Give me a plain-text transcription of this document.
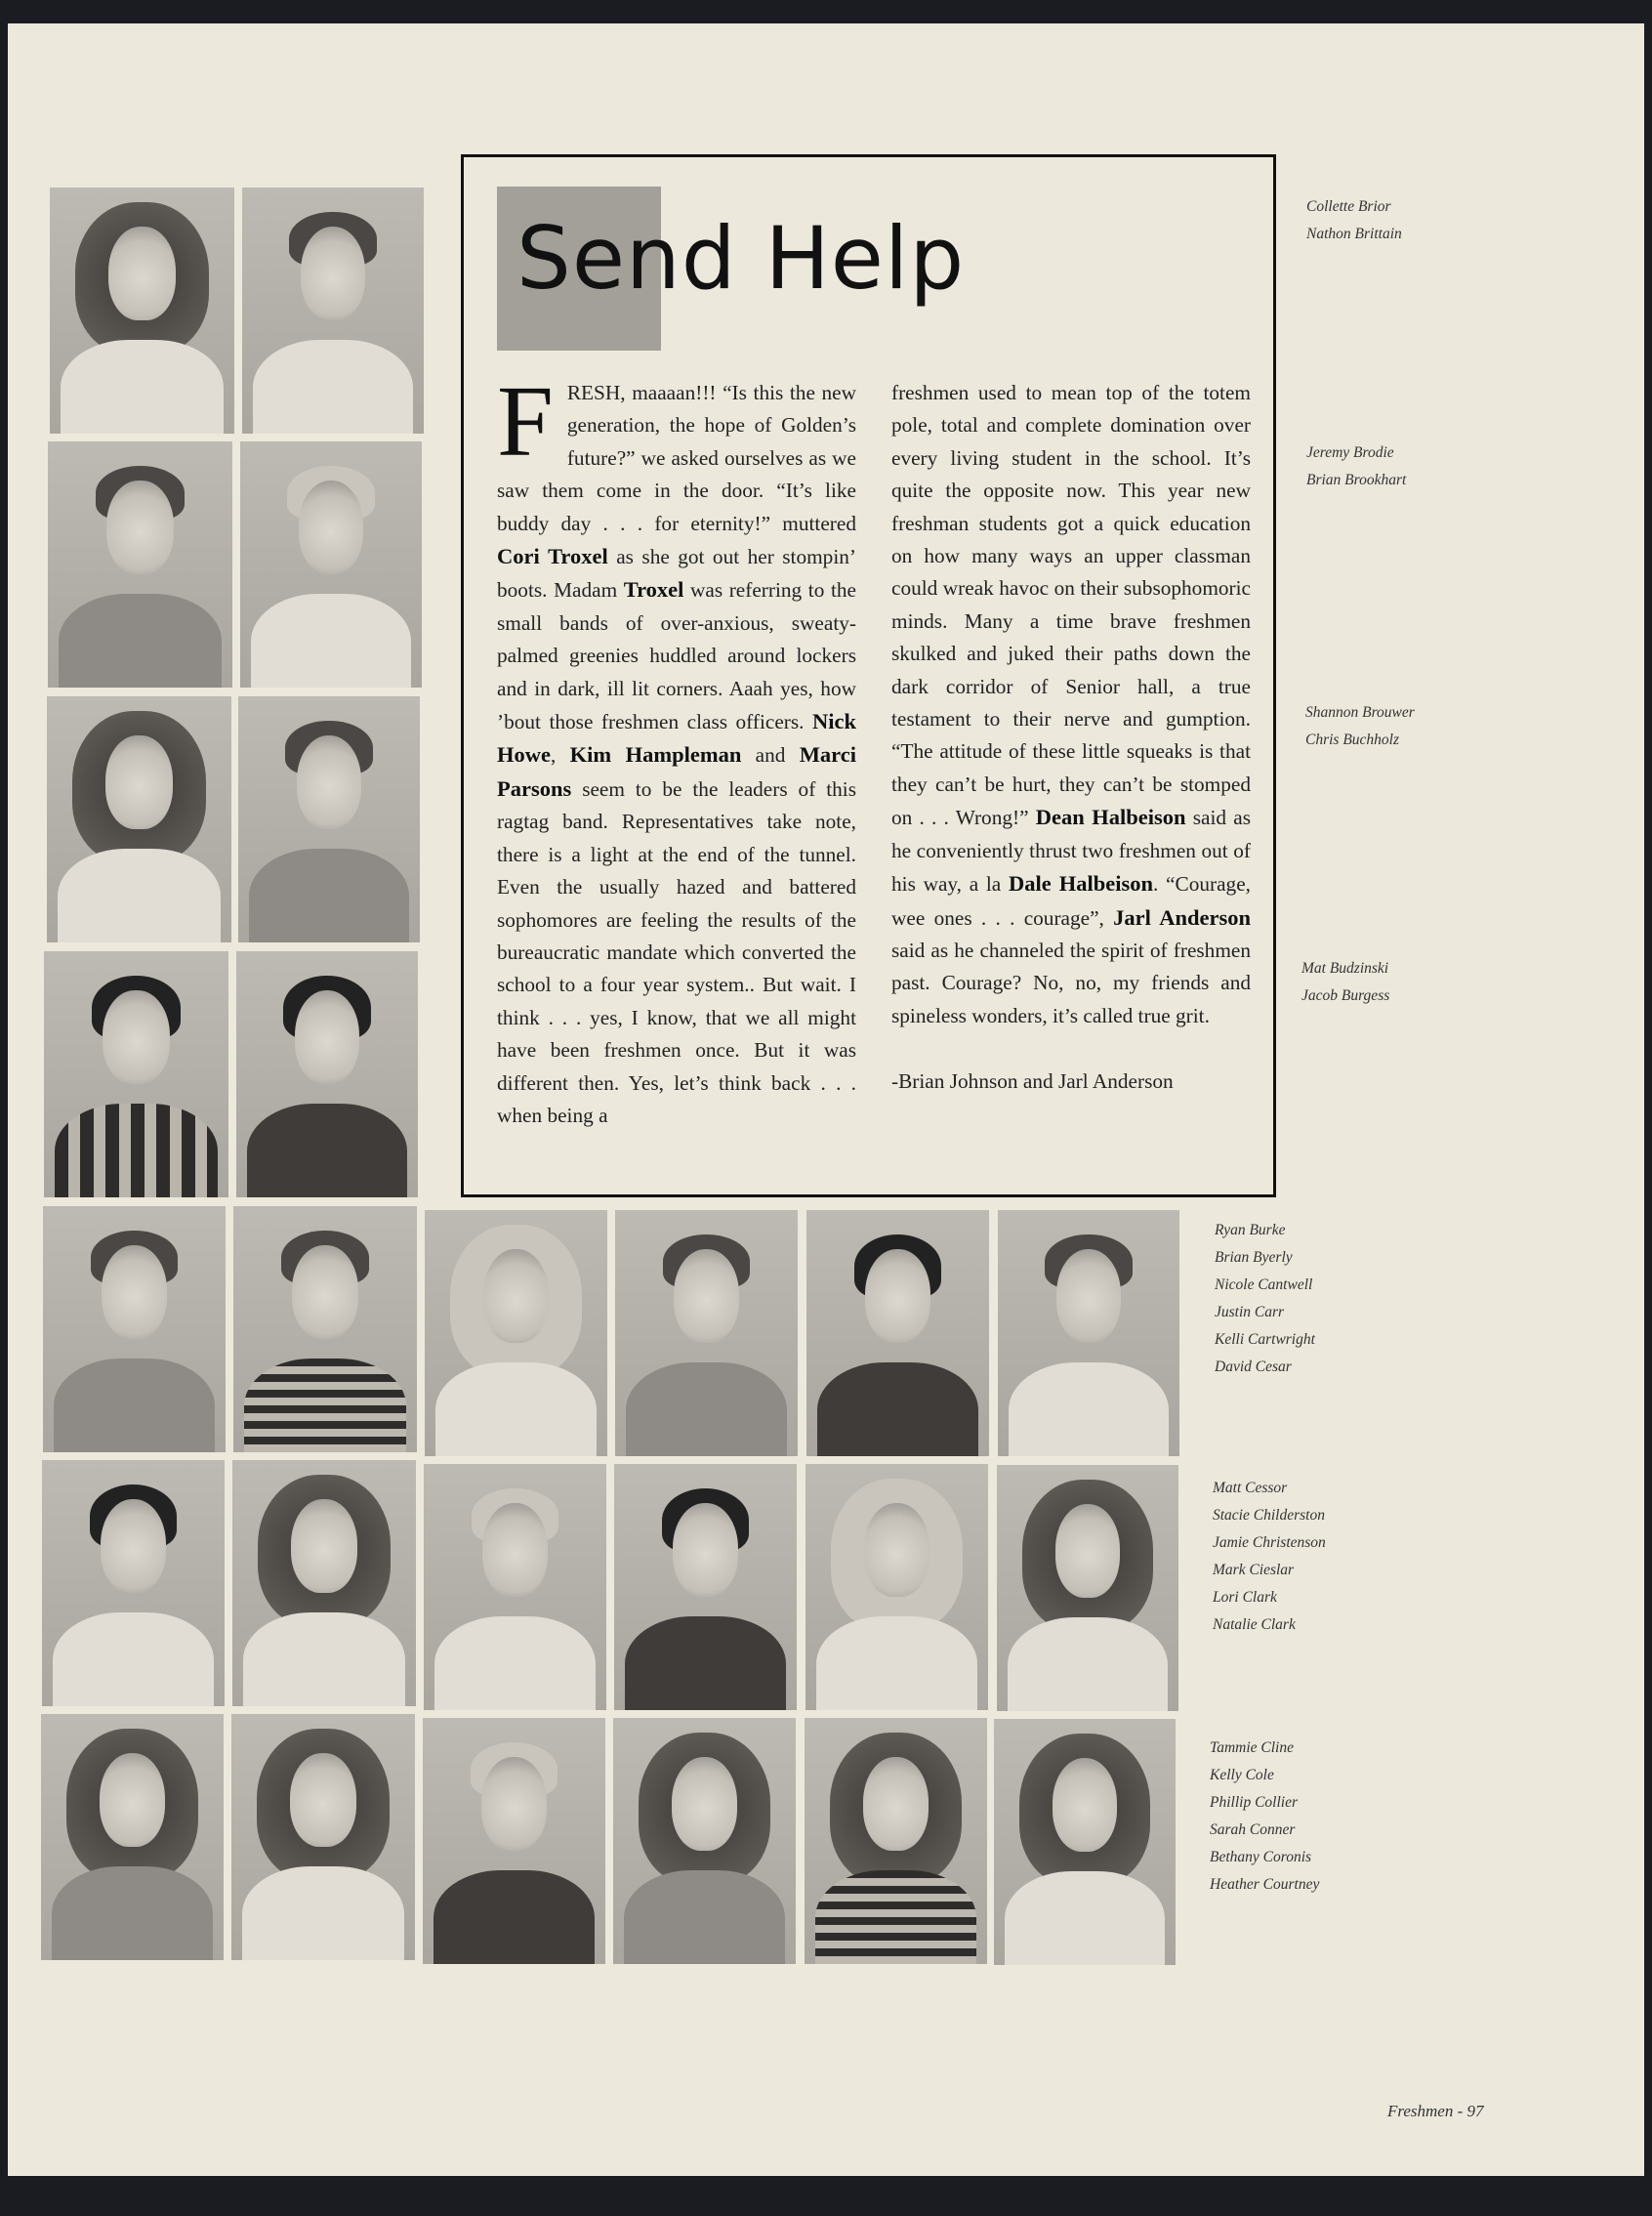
Send Help

FRESH, maaaan!!! “Is this the new generation, the hope of Golden’s future?” we asked ourselves as we saw them come in the door. “It’s like buddy day . . . for eternity!” muttered Cori Troxel as she got out her stompin’ boots. Madam Troxel was referring to the small bands of over-anxious, sweaty-palmed greenies huddled around lockers and in dark, ill lit corners. Aaah yes, how ’bout those freshmen class officers. Nick Howe, Kim Hampleman and Marci Parsons seem to be the leaders of this ragtag band. Representatives take note, there is a light at the end of the tunnel. Even the usually hazed and battered sophomores are feeling the results of the bureaucratic mandate which converted the school to a four year system.. But wait. I think . . . yes, I know, that we all might have been freshmen once. But it was different then. Yes, let’s think back . . . when being a

freshmen used to mean top of the totem pole, total and complete domination over every living student in the school. It’s quite the opposite now. This year new freshman students got a quick education on how many ways an upper classman could wreak havoc on their subsophomoric minds. Many a time brave freshmen skulked and juked their paths down the dark corridor of Senior hall, a true testament to their nerve and gumption. “The attitude of these little squeaks is that they can’t be hurt, they can’t be stomped on . . . Wrong!” Dean Halbeison said as he conveniently thrust two freshmen out of his way, a la Dale Halbeison. “Courage, wee ones . . . courage”, Jarl Anderson said as he channeled the spirit of freshmen past. Courage? No, no, my friends and spineless wonders, it’s called true grit.

-Brian Johnson and Jarl Anderson

Collette Brior
Nathon Brittain
Jeremy Brodie
Brian Brookhart
Shannon Brouwer
Chris Buchholz
Mat Budzinski
Jacob Burgess
Ryan Burke
Brian Byerly
Nicole Cantwell
Justin Carr
Kelli Cartwright
David Cesar
Matt Cessor
Stacie Childerston
Jamie Christenson
Mark Cieslar
Lori Clark
Natalie Clark
Tammie Cline
Kelly Cole
Phillip Collier
Sarah Conner
Bethany Coronis
Heather Courtney
Freshmen - 97
